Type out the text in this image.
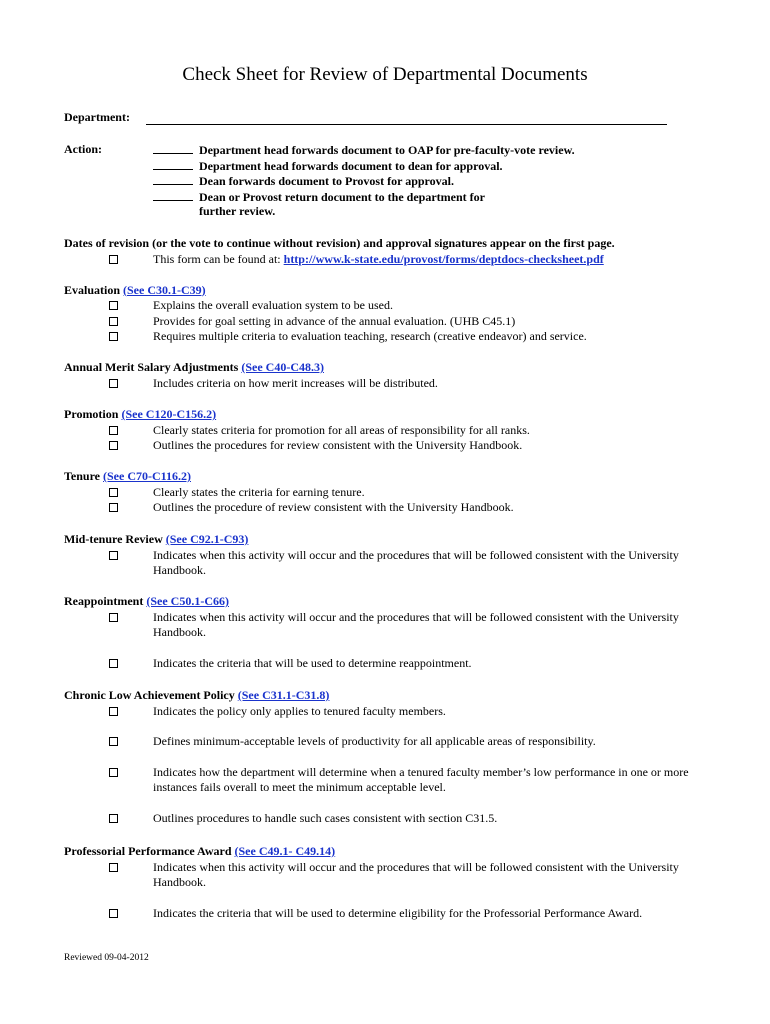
Check Sheet for Review of Departmental Documents
Department:
Action:	Department head forwards document to OAP for pre-faculty-vote review.
Department head forwards document to dean for approval.
Dean forwards document to Provost for approval.
Dean or Provost return document to the department for
further review.
Dates of revision (or the vote to continue without revision) and approval signatures appear on the first page.
This form can be found at: http://www.k-state.edu/provost/forms/deptdocs-checksheet.pdf
Evaluation (See C30.1-C39)
Explains the overall evaluation system to be used.
Provides for goal setting in advance of the annual evaluation. (UHB C45.1)
Requires multiple criteria to evaluation teaching, research (creative endeavor) and service.
Annual Merit Salary Adjustments (See C40-C48.3)
Includes criteria on how merit increases will be distributed.
Promotion (See C120-C156.2)
Clearly states criteria for promotion for all areas of responsibility for all ranks.
Outlines the procedures for review consistent with the University Handbook.
Tenure (See C70-C116.2)
Clearly states the criteria for earning tenure.
Outlines the procedure of review consistent with the University Handbook.
Mid-tenure Review (See C92.1-C93)
Indicates when this activity will occur and the procedures that will be followed consistent with the University Handbook.
Reappointment (See C50.1-C66)
Indicates when this activity will occur and the procedures that will be followed consistent with the University Handbook.
Indicates the criteria that will be used to determine reappointment.
Chronic Low Achievement Policy (See C31.1-C31.8)
Indicates the policy only applies to tenured faculty members.
Defines minimum-acceptable levels of productivity for all applicable areas of responsibility.
Indicates how the department will determine when a tenured faculty member’s low performance in one or more instances fails overall to meet the minimum acceptable level.
Outlines procedures to handle such cases consistent with section C31.5.
Professorial Performance Award (See C49.1- C49.14)
Indicates when this activity will occur and the procedures that will be followed consistent with the University Handbook.
Indicates the criteria that will be used to determine eligibility for the Professorial Performance Award.
Reviewed 09-04-2012
